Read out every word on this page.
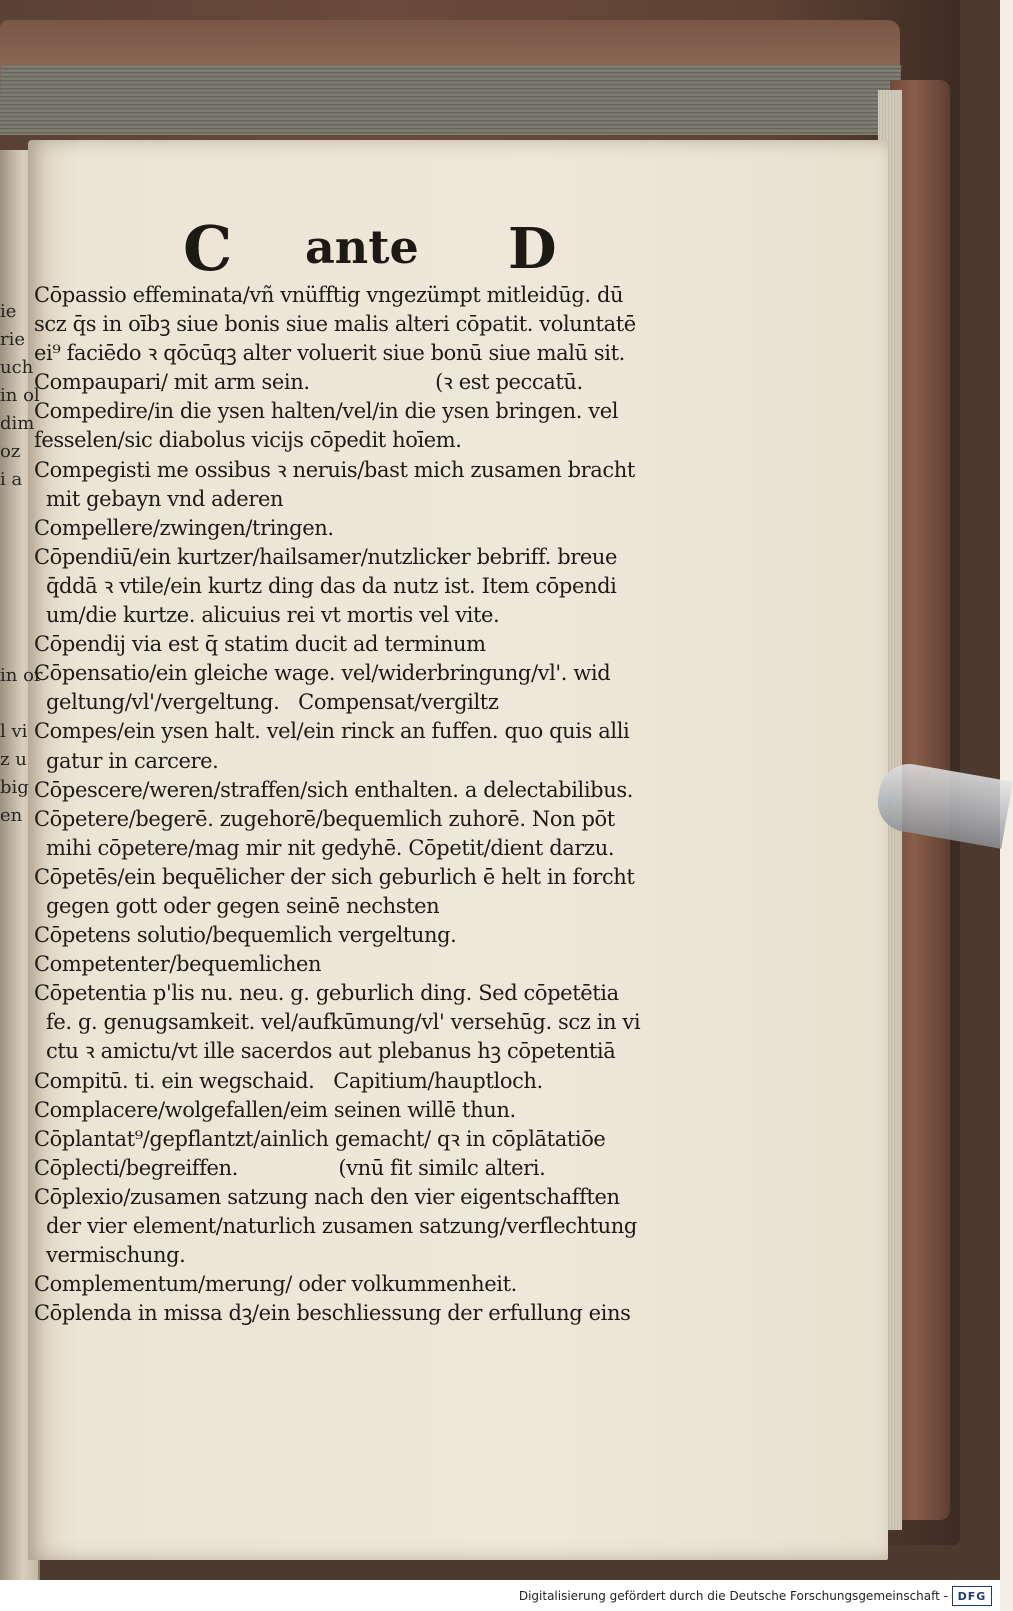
ie
rie
uch
in ol
dim
oz
i a
in or
l vi
z u
big
en
C ante D
Cōpassio effeminata/vñ vnüfftig vngezümpt mitleidūg. dū
scz q̄s in oībꝫ siue bonis siue malis alteri cōpatit. voluntatē
ei⁹ faciēdo ꝛ qōcūqꝫ alter voluerit siue bonū siue malū sit.
Compaupari/ mit arm sein.                    (ꝛ est peccatū.
Compedire/in die ysen halten/vel/in die ysen bringen. vel
fesselen/sic diabolus vicijs cōpedit hoīem.
Compegisti me ossibus ꝛ neruis/bast mich zusamen bracht
mit gebayn vnd aderen
Compellere/zwingen/tringen.
Cōpendiū/ein kurtzer/hailsamer/nutzlicker bebriff. breue
q̄ddā ꝛ vtile/ein kurtz ding das da nutz ist. Item cōpendi
um/die kurtze. alicuius rei vt mortis vel vite.
Cōpendij via est q̄ statim ducit ad terminum
Cōpensatio/ein gleiche wage. vel/widerbringung/vl'. wid
geltung/vl'/vergeltung.   Compensat/vergiltz
Compes/ein ysen halt. vel/ein rinck an fuffen. quo quis alli
gatur in carcere.
Cōpescere/weren/straffen/sich enthalten. a delectabilibus.
Cōpetere/begerē. zugehorē/bequemlich zuhorē. Non pōt
mihi cōpetere/mag mir nit gedyhē. Cōpetit/dient darzu.
Cōpetēs/ein bequēlicher der sich geburlich ē helt in forcht
gegen gott oder gegen seinē nechsten
Cōpetens solutio/bequemlich vergeltung.
Competenter/bequemlichen
Cōpetentia p'lis nu. neu. g. geburlich ding. Sed cōpetētia
fe. g. genugsamkeit. vel/aufkūmung/vl' versehūg. scz in vi
ctu ꝛ amictu/vt ille sacerdos aut plebanus hꝫ cōpetentiā
Compitū. ti. ein wegschaid.   Capitium/hauptloch.
Complacere/wolgefallen/eim seinen willē thun.
Cōplantat⁹/gepflantzt/ainlich gemacht/ qꝛ in cōplātatiōe
Cōplecti/begreiffen.                (vnū fit similc alteri.
Cōplexio/zusamen satzung nach den vier eigentschafften
der vier element/naturlich zusamen satzung/verflechtung
vermischung.
Complementum/merung/ oder volkummenheit.
Cōplenda in missa dꝫ/ein beschliessung der erfullung eins
Digitalisierung gefördert durch die Deutsche Forschungsgemeinschaft - DFG
